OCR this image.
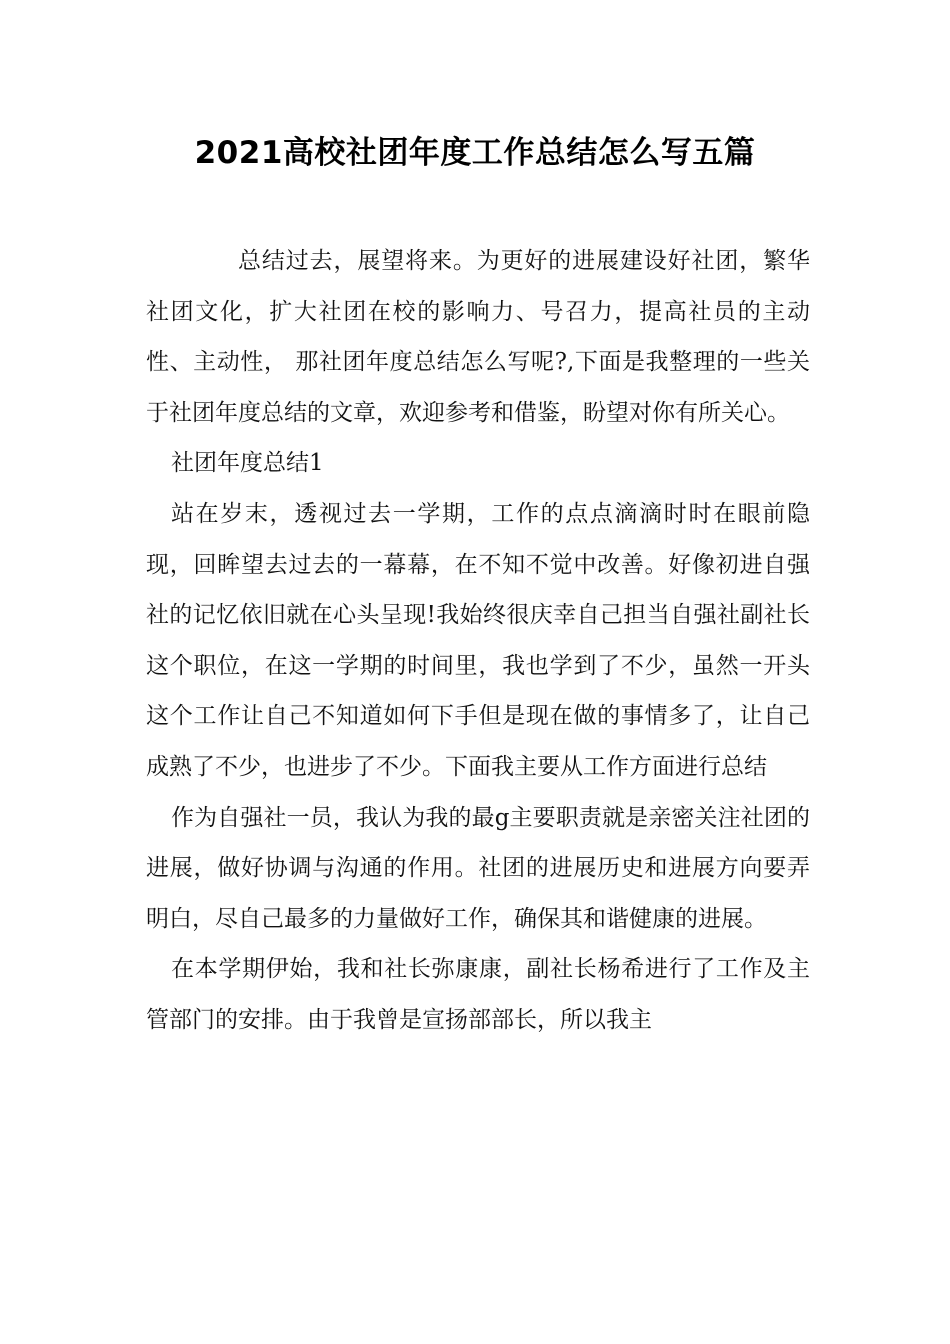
2021高校社团年度工作总结怎么写五篇

总结过去，展望将来。为更好的进展建设好社团，繁华社团文化，扩大社团在校的影响力、号召力，提高社员的主动性、主动性， 那社团年度总结怎么写呢?,下面是我整理的一些关于社团年度总结的文章，欢迎参考和借鉴，盼望对你有所关心。

社团年度总结1

站在岁末，透视过去一学期，工作的点点滴滴时时在眼前隐现，回眸望去过去的一幕幕，在不知不觉中改善。好像初进自强社的记忆依旧就在心头呈现!我始终很庆幸自己担当自强社副社长这个职位，在这一学期的时间里，我也学到了不少，虽然一开头这个工作让自己不知道如何下手但是现在做的事情多了，让自己成熟了不少，也进步了不少。下面我主要从工作方面进行总结

作为自强社一员，我认为我的最g主要职责就是亲密关注社团的进展，做好协调与沟通的作用。社团的进展历史和进展方向要弄明白，尽自己最多的力量做好工作，确保其和谐健康的进展。

在本学期伊始，我和社长弥康康，副社长杨希进行了工作及主管部门的安排。由于我曾是宣扬部部长，所以我主
